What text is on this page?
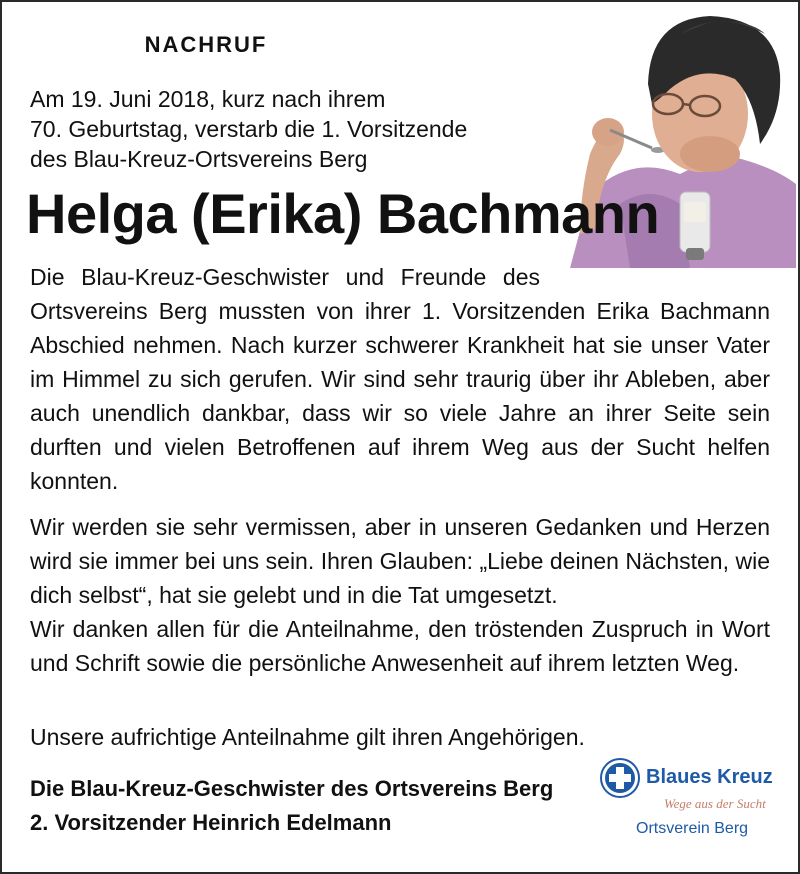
NACHRUF
Am 19. Juni 2018, kurz nach ihrem
70. Geburtstag, verstarb die 1. Vorsitzende
des Blau-Kreuz-Ortsvereins Berg
Helga (Erika) Bachmann
Die Blau-Kreuz-Geschwister und Freunde des
Ortsvereins Berg mussten von ihrer 1. Vorsitzenden Erika Bachmann Abschied nehmen. Nach kurzer schwerer Krankheit hat sie unser Vater im Himmel zu sich gerufen. Wir sind sehr traurig über ihr Ableben, aber auch unendlich dankbar, dass wir so viele Jahre an ihrer Seite sein durften und vielen Betroffenen auf ihrem Weg aus der Sucht helfen konnten.
Wir werden sie sehr vermissen, aber in unseren Gedanken und Herzen wird sie immer bei uns sein. Ihren Glauben: „Liebe deinen Nächsten, wie dich selbst“, hat sie gelebt und in die Tat umgesetzt.
Wir danken allen für die Anteilnahme, den tröstenden Zuspruch in Wort und Schrift sowie die persönliche Anwesenheit auf ihrem letzten Weg.
Unsere aufrichtige Anteilnahme gilt ihren Angehörigen.
Die Blau-Kreuz-Geschwister des Ortsvereins Berg
2. Vorsitzender Heinrich Edelmann
Blaues Kreuz
Wege aus der Sucht
Ortsverein Berg
